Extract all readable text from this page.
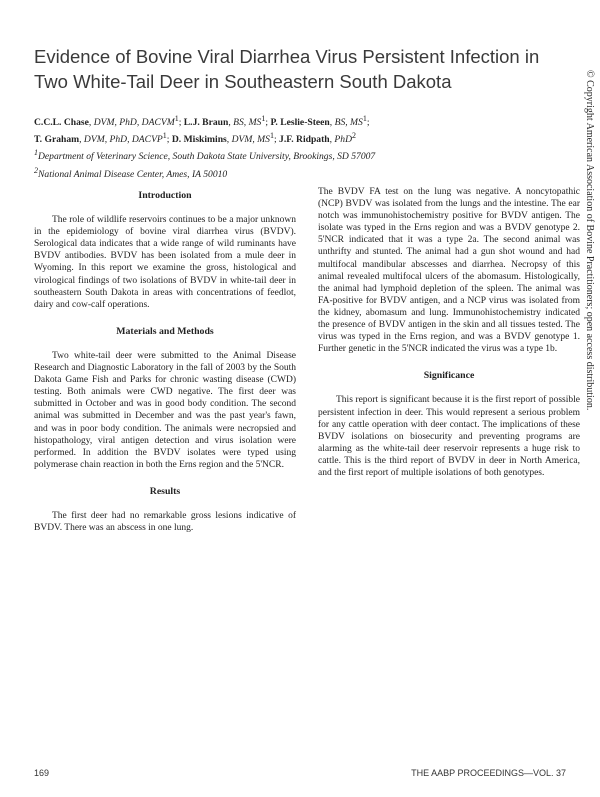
Evidence of Bovine Viral Diarrhea Virus Persistent Infection in Two White-Tail Deer in Southeastern South Dakota
C.C.L. Chase, DVM, PhD, DACVM$^1$; L.J. Braun, BS, $MS^1$; P. Leslie-Steen, BS, $MS^1$;
T. Graham, DVM, PhD, DACVP$^1$; D. Miskimins, DVM, $MS^1$; J.F. Ridpath, PhD$^2$
$^1$Department of Veterinary Science, South Dakota State University, Brookings, SD 57007
$^2$National Animal Disease Center, Ames, IA 50010
Introduction

The role of wildlife reservoirs continues to be a major unknown in the epidemiology of bovine viral diarrhea virus (BVDV). Serological data indicates that a wide range of wild ruminants have BVDV antibodies. BVDV has been isolated from a mule deer in Wyoming. In this report we examine the gross, histological and virological findings of two isolations of BVDV in white-tail deer in southeastern South Dakota in areas with concentrations of feedlot, dairy and cow-calf operations.

Materials and Methods

Two white-tail deer were submitted to the Animal Disease Research and Diagnostic Laboratory in the fall of 2003 by the South Dakota Game Fish and Parks for chronic wasting disease (CWD) testing. Both animals were CWD negative. The first deer was submitted in October and was in good body condition. The second animal was submitted in December and was the past year's fawn, and was in poor body condition. The animals were necropsied and histopathology, viral antigen detection and virus isolation were performed. In addition the BVDV isolates were typed using polymerase chain reaction in both the Erns region and the 5'NCR.

Results

The first deer had no remarkable gross lesions indicative of BVDV. There was an abscess in one lung.

The BVDV FA test on the lung was negative. A noncytopathic (NCP) BVDV was isolated from the lungs and the intestine. The ear notch was immunohistochemistry positive for BVDV antigen. The isolate was typed in the Erns region and was a BVDV genotype 2. 5'NCR indicated that it was a type 2a. The second animal was unthrifty and stunted. The animal had a gun shot wound and had multifocal mandibular abscesses and diarrhea. Necropsy of this animal revealed multifocal ulcers of the abomasum. Histologically, the animal had lymphoid depletion of the spleen. The animal was FA-positive for BVDV antigen, and a NCP virus was isolated from the kidney, abomasum and lung. Immunohistochemistry indicated the presence of BVDV antigen in the skin and all tissues tested. The virus was typed in the Erns region, and was a BVDV genotype 1. Further genetic in the 5'NCR indicated the virus was a type 1b.

Significance

This report is significant because it is the first report of possible persistent infection in deer. This would represent a serious problem for any cattle operation with deer contact. The implications of these BVDV isolations on biosecurity and preventing programs are alarming as the white-tail deer reservoir represents a huge risk to cattle. This is the third report of BVDV in deer in North America, and the first report of multiple isolations of both genotypes.

© Copyright American Association of Bovine Practitioners; open access distribution.
169	THE AABP PROCEEDINGS—VOL. 37
